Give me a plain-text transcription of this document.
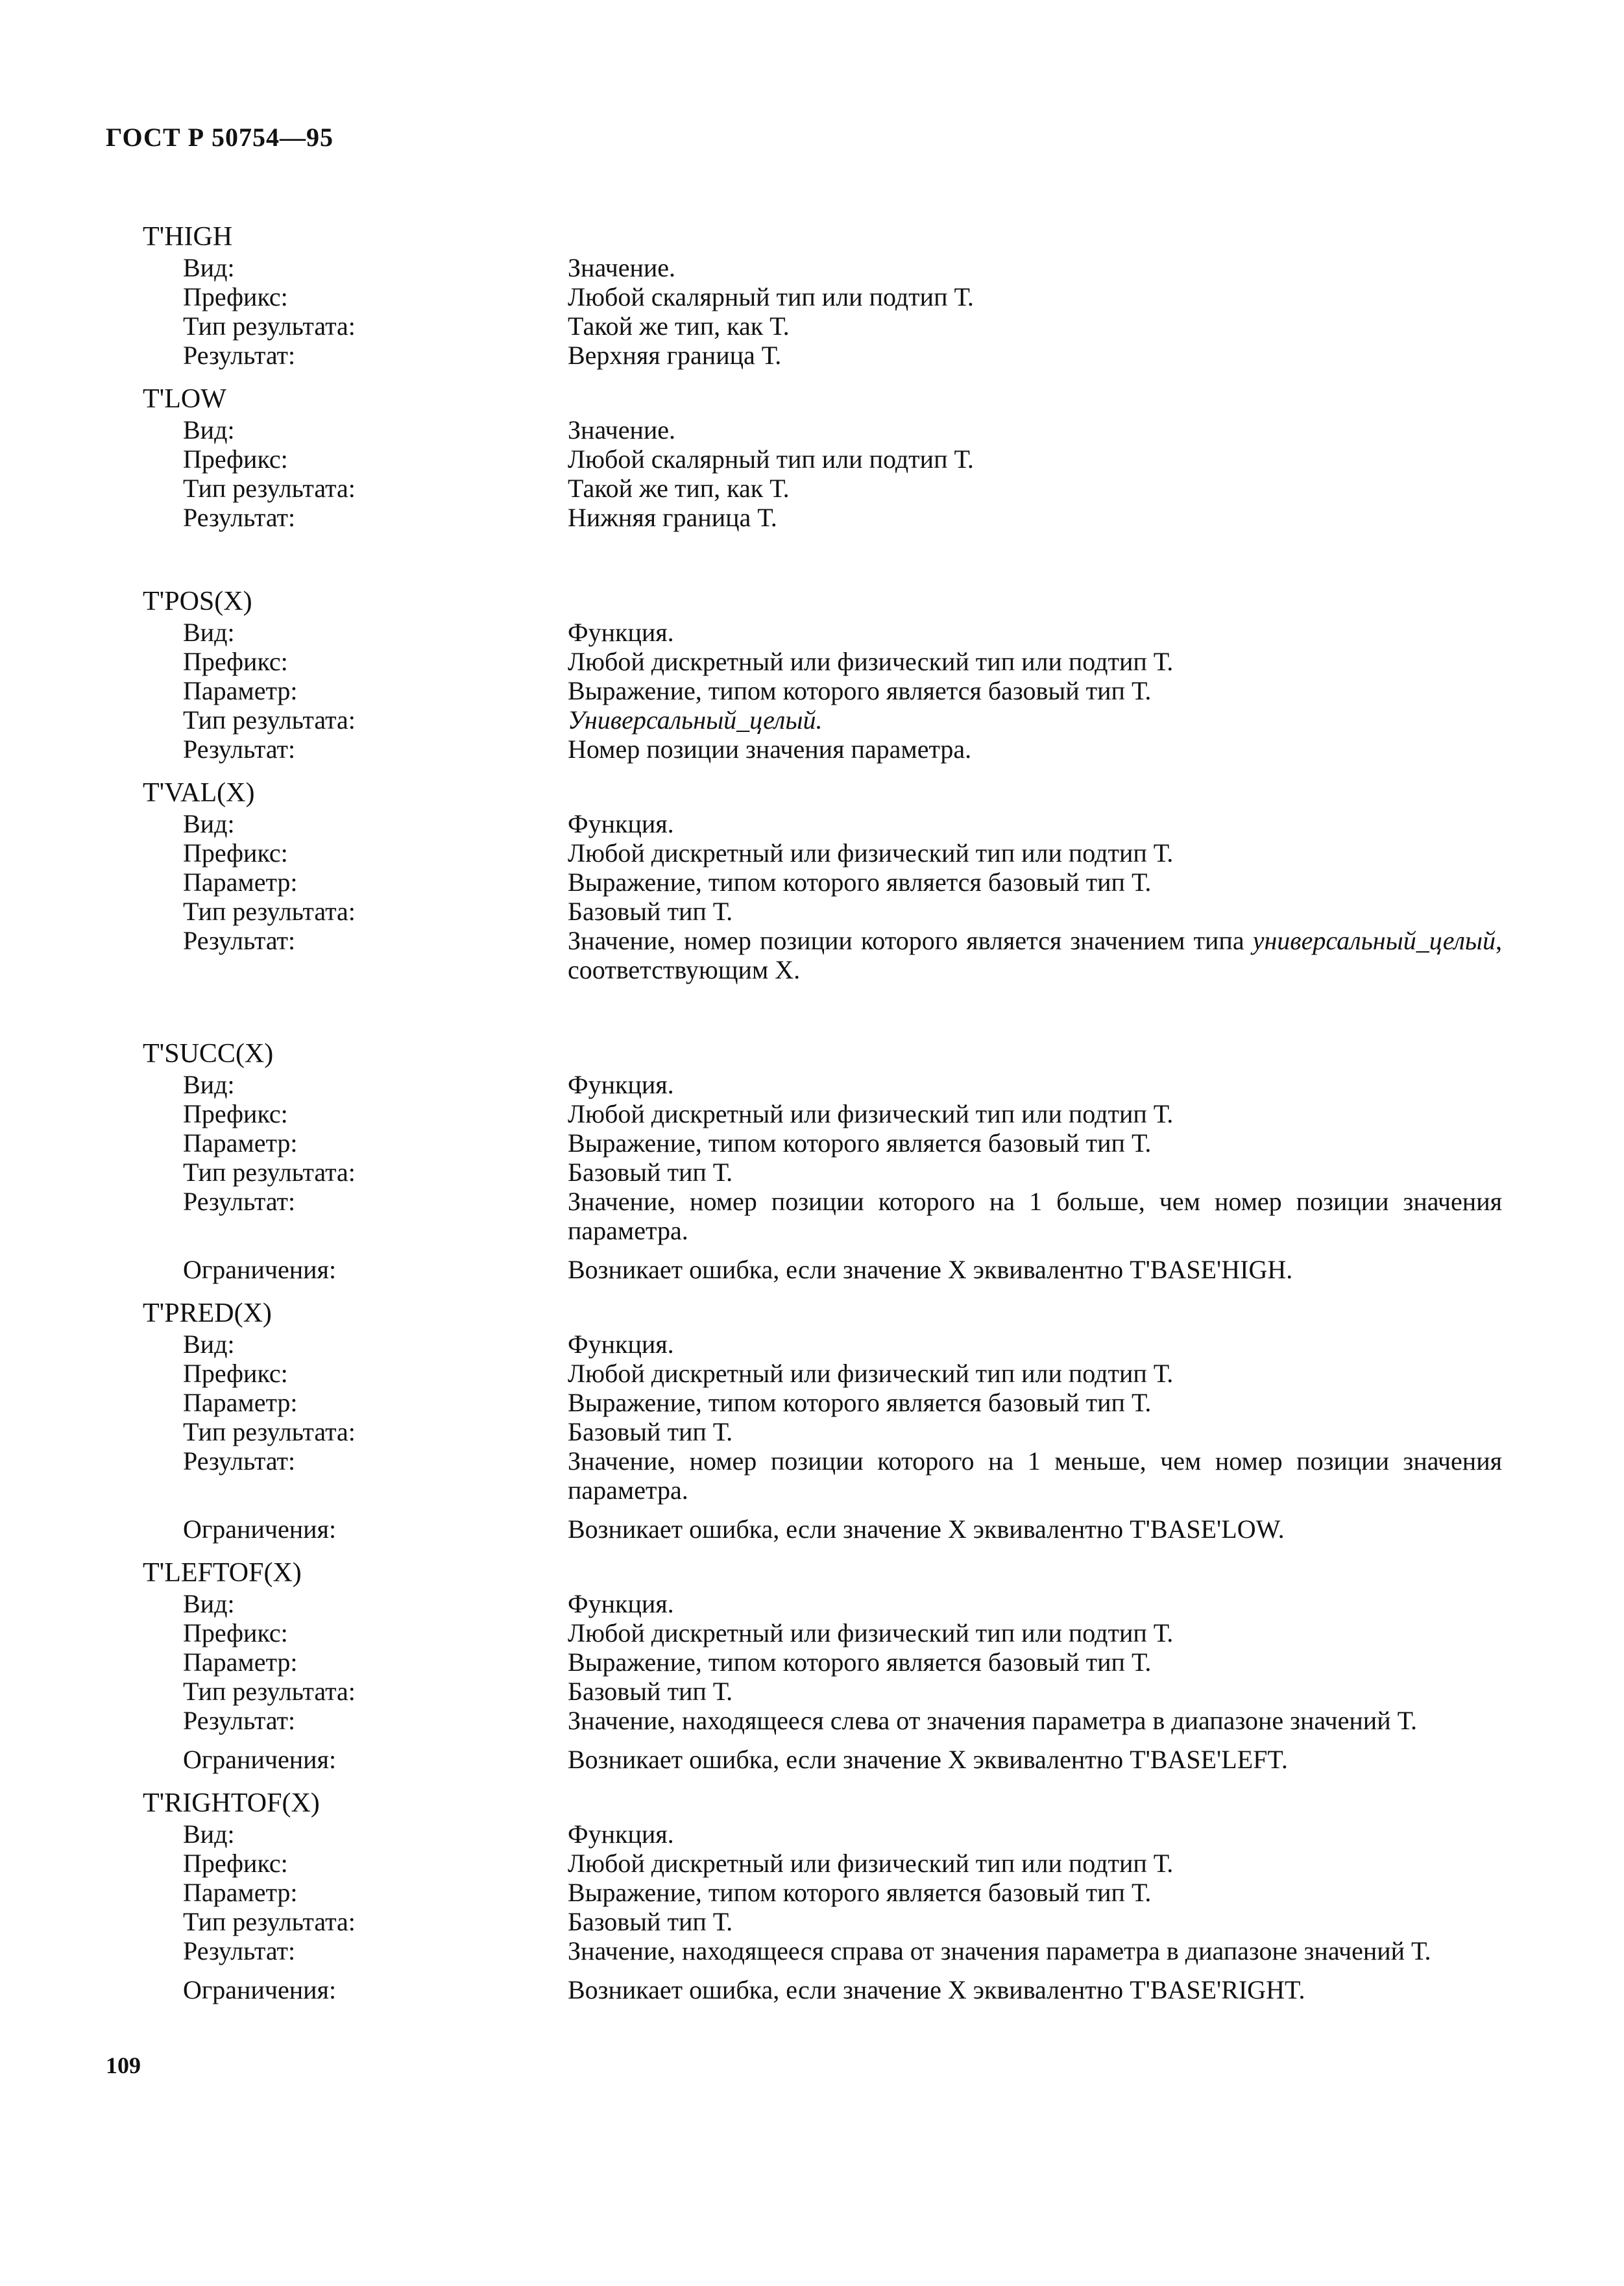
ГОСТ Р 50754—95
T'HIGH
Вид:	Значение.
Префикс:	Любой скалярный тип или подтип Т.
Тип результата:	Такой же тип, как Т.
Результат:	Верхняя граница Т.
T'LOW
Вид:	Значение.
Префикс:	Любой скалярный тип или подтип Т.
Тип результата:	Такой же тип, как Т.
Результат:	Нижняя граница Т.
T'POS(X)
Вид:	Функция.
Префикс:	Любой дискретный или физический тип или подтип Т.
Параметр:	Выражение, типом которого является базовый тип Т.
Тип результата:	Универсальный_целый.
Результат:	Номер позиции значения параметра.
T'VAL(X)
Вид:	Функция.
Префикс:	Любой дискретный или физический тип или подтип Т.
Параметр:	Выражение, типом которого является базовый тип Т.
Тип результата:	Базовый тип Т.
Результат:	Значение, номер позиции которого является значением типа универсальный_целый, соответствующим X.
T'SUCC(X)
Вид:	Функция.
Префикс:	Любой дискретный или физический тип или подтип Т.
Параметр:	Выражение, типом которого является базовый тип Т.
Тип результата:	Базовый тип Т.
Результат:	Значение, номер позиции которого на 1 больше, чем номер позиции значения параметра.
Ограничения:	Возникает ошибка, если значение X эквивалентно T'BASE'HIGH.
T'PRED(X)
Вид:	Функция.
Префикс:	Любой дискретный или физический тип или подтип Т.
Параметр:	Выражение, типом которого является базовый тип Т.
Тип результата:	Базовый тип Т.
Результат:	Значение, номер позиции которого на 1 меньше, чем номер позиции значения параметра.
Ограничения:	Возникает ошибка, если значение X эквивалентно T'BASE'LOW.
T'LEFTOF(X)
Вид:	Функция.
Префикс:	Любой дискретный или физический тип или подтип Т.
Параметр:	Выражение, типом которого является базовый тип Т.
Тип результата:	Базовый тип Т.
Результат:	Значение, находящееся слева от значения параметра в диапазоне значений Т.
Ограничения:	Возникает ошибка, если значение X эквивалентно T'BASE'LEFT.
T'RIGHTOF(X)
Вид:	Функция.
Префикс:	Любой дискретный или физический тип или подтип Т.
Параметр:	Выражение, типом которого является базовый тип Т.
Тип результата:	Базовый тип Т.
Результат:	Значение, находящееся справа от значения параметра в диапазоне значений Т.
Ограничения:	Возникает ошибка, если значение X эквивалентно T'BASE'RIGHT.
109
